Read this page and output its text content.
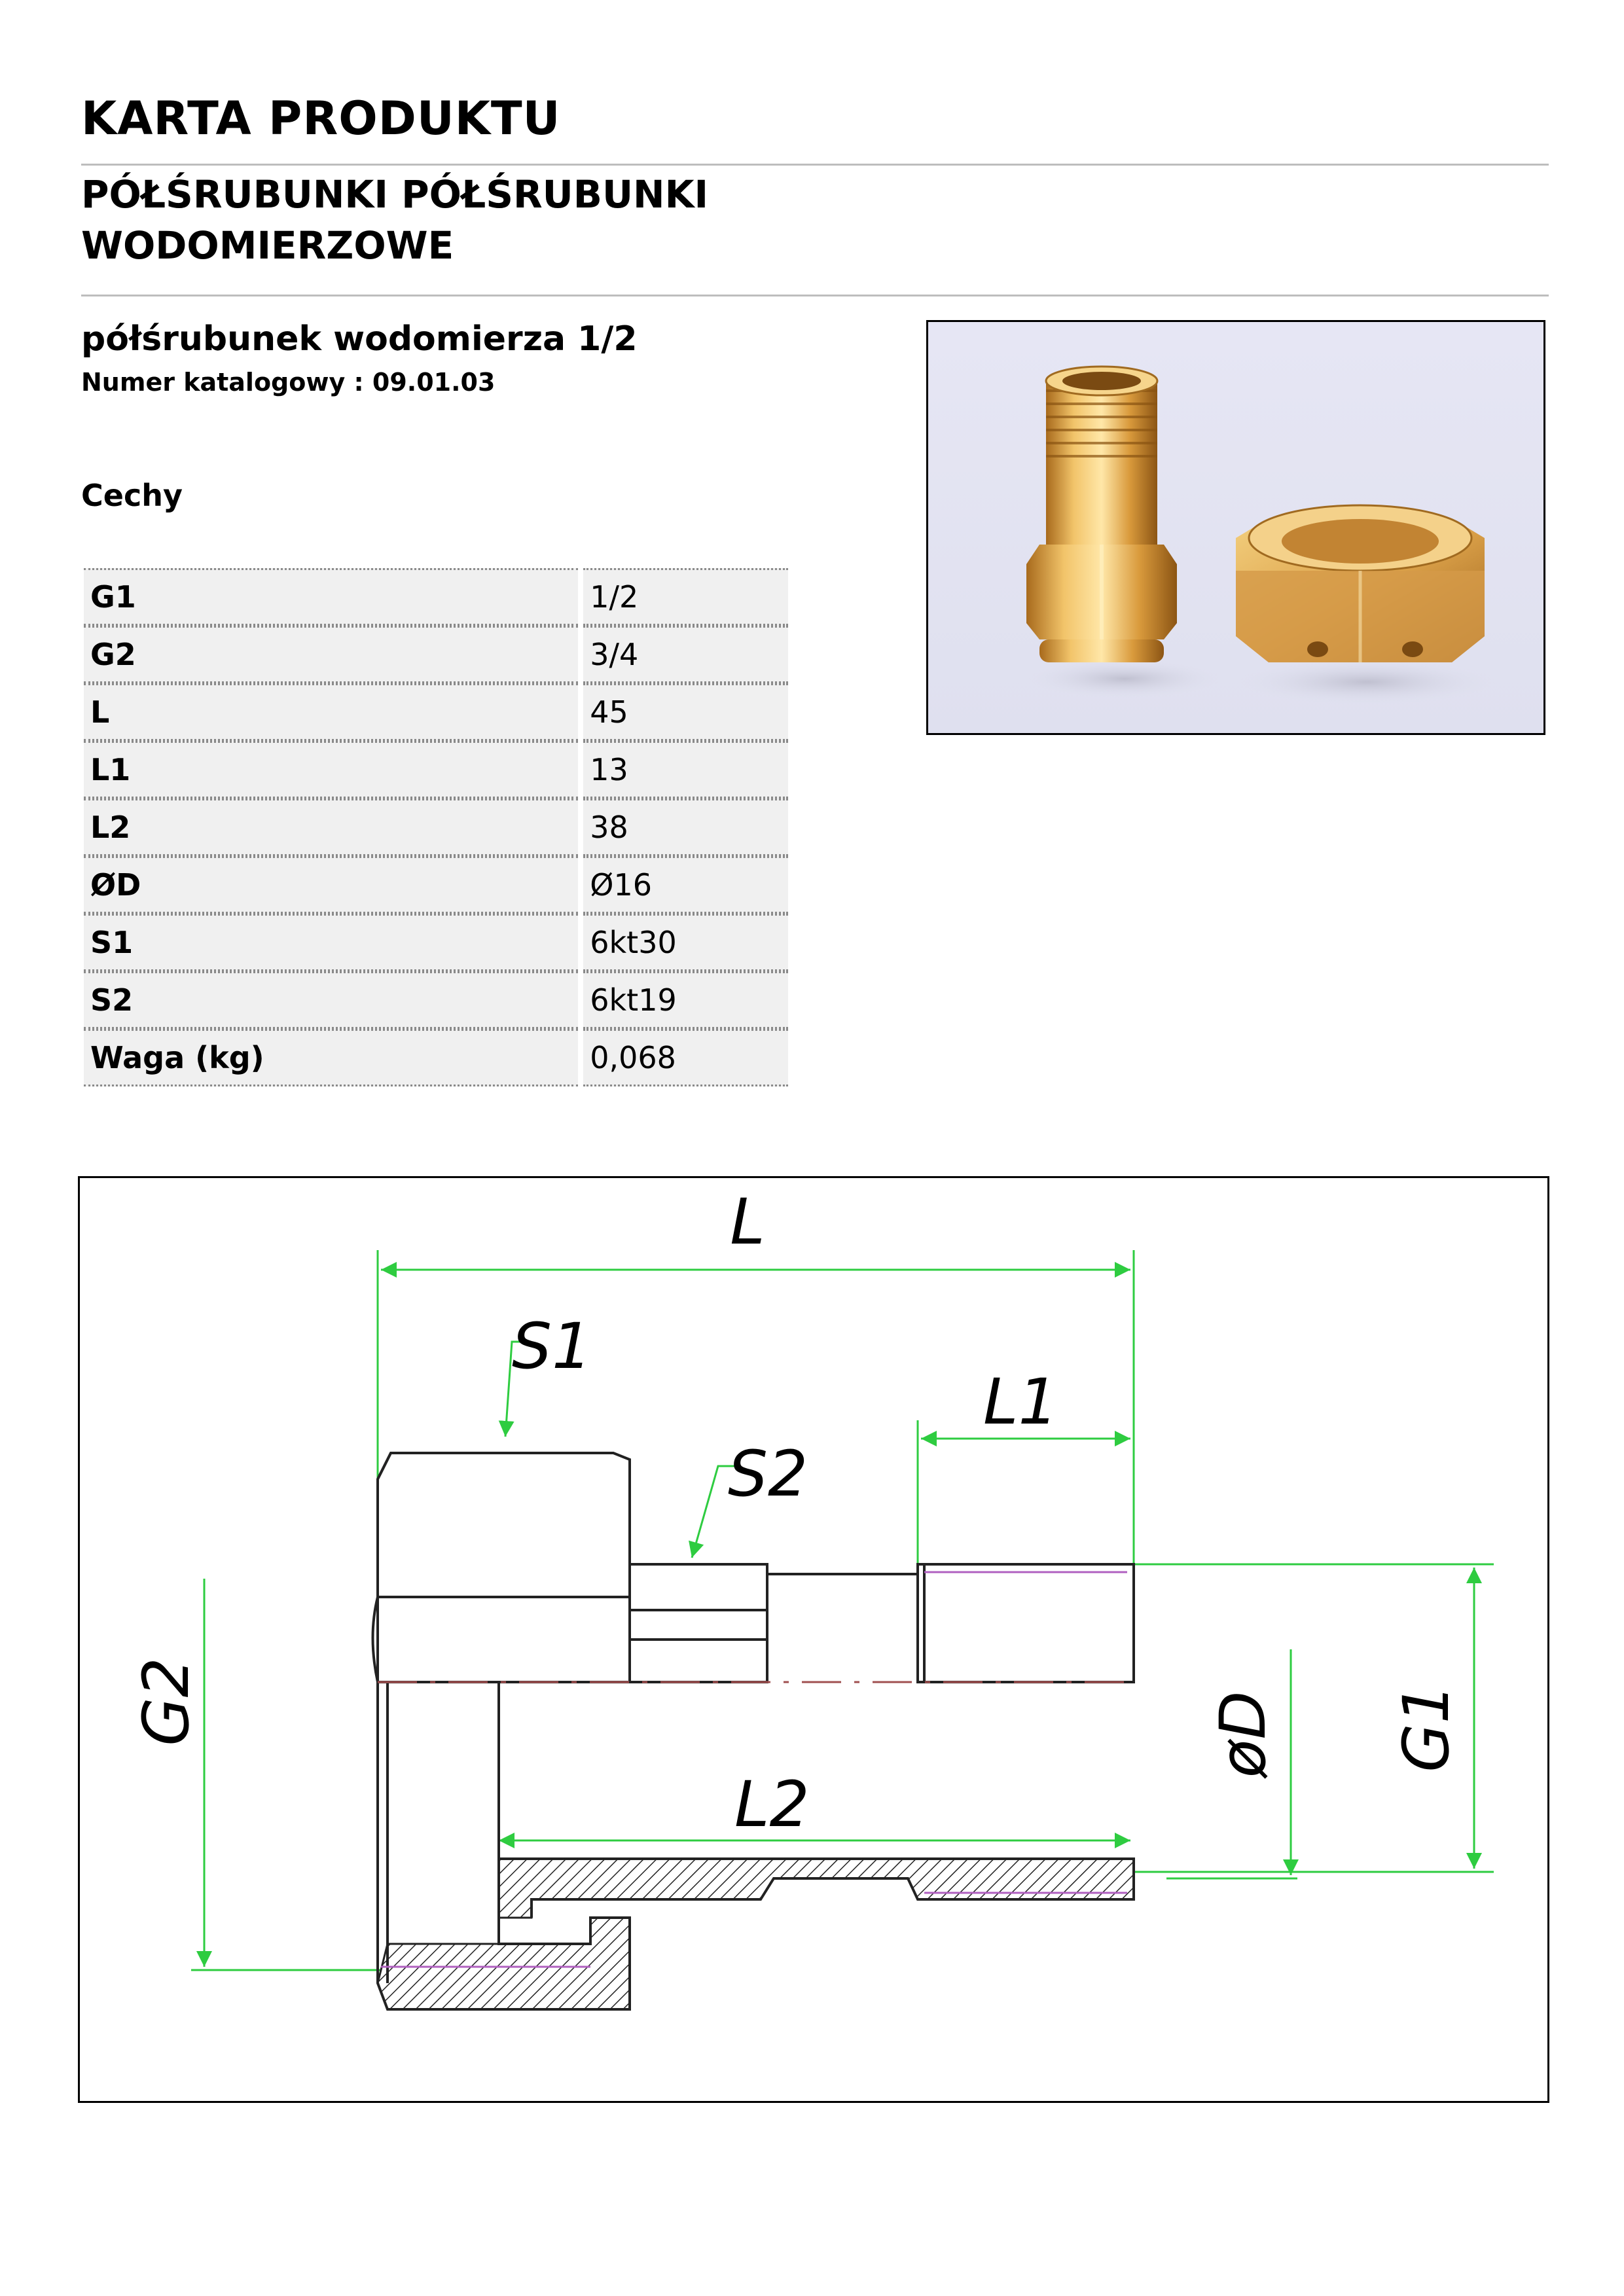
KARTA PRODUKTU
PÓŁŚRUBUNKI PÓŁŚRUBUNKI
WODOMIERZOWE
półśrubunek wodomierza 1/2
Numer katalogowy : 09.01.03
Cechy
G1	1/2
G2	3/4
L	45
L1	13
L2	38
ØD	Ø16
S1	6kt30
S2	6kt19
Waga (kg)	0,068
L
S1
S2
L1
L2
G2	øD G1
